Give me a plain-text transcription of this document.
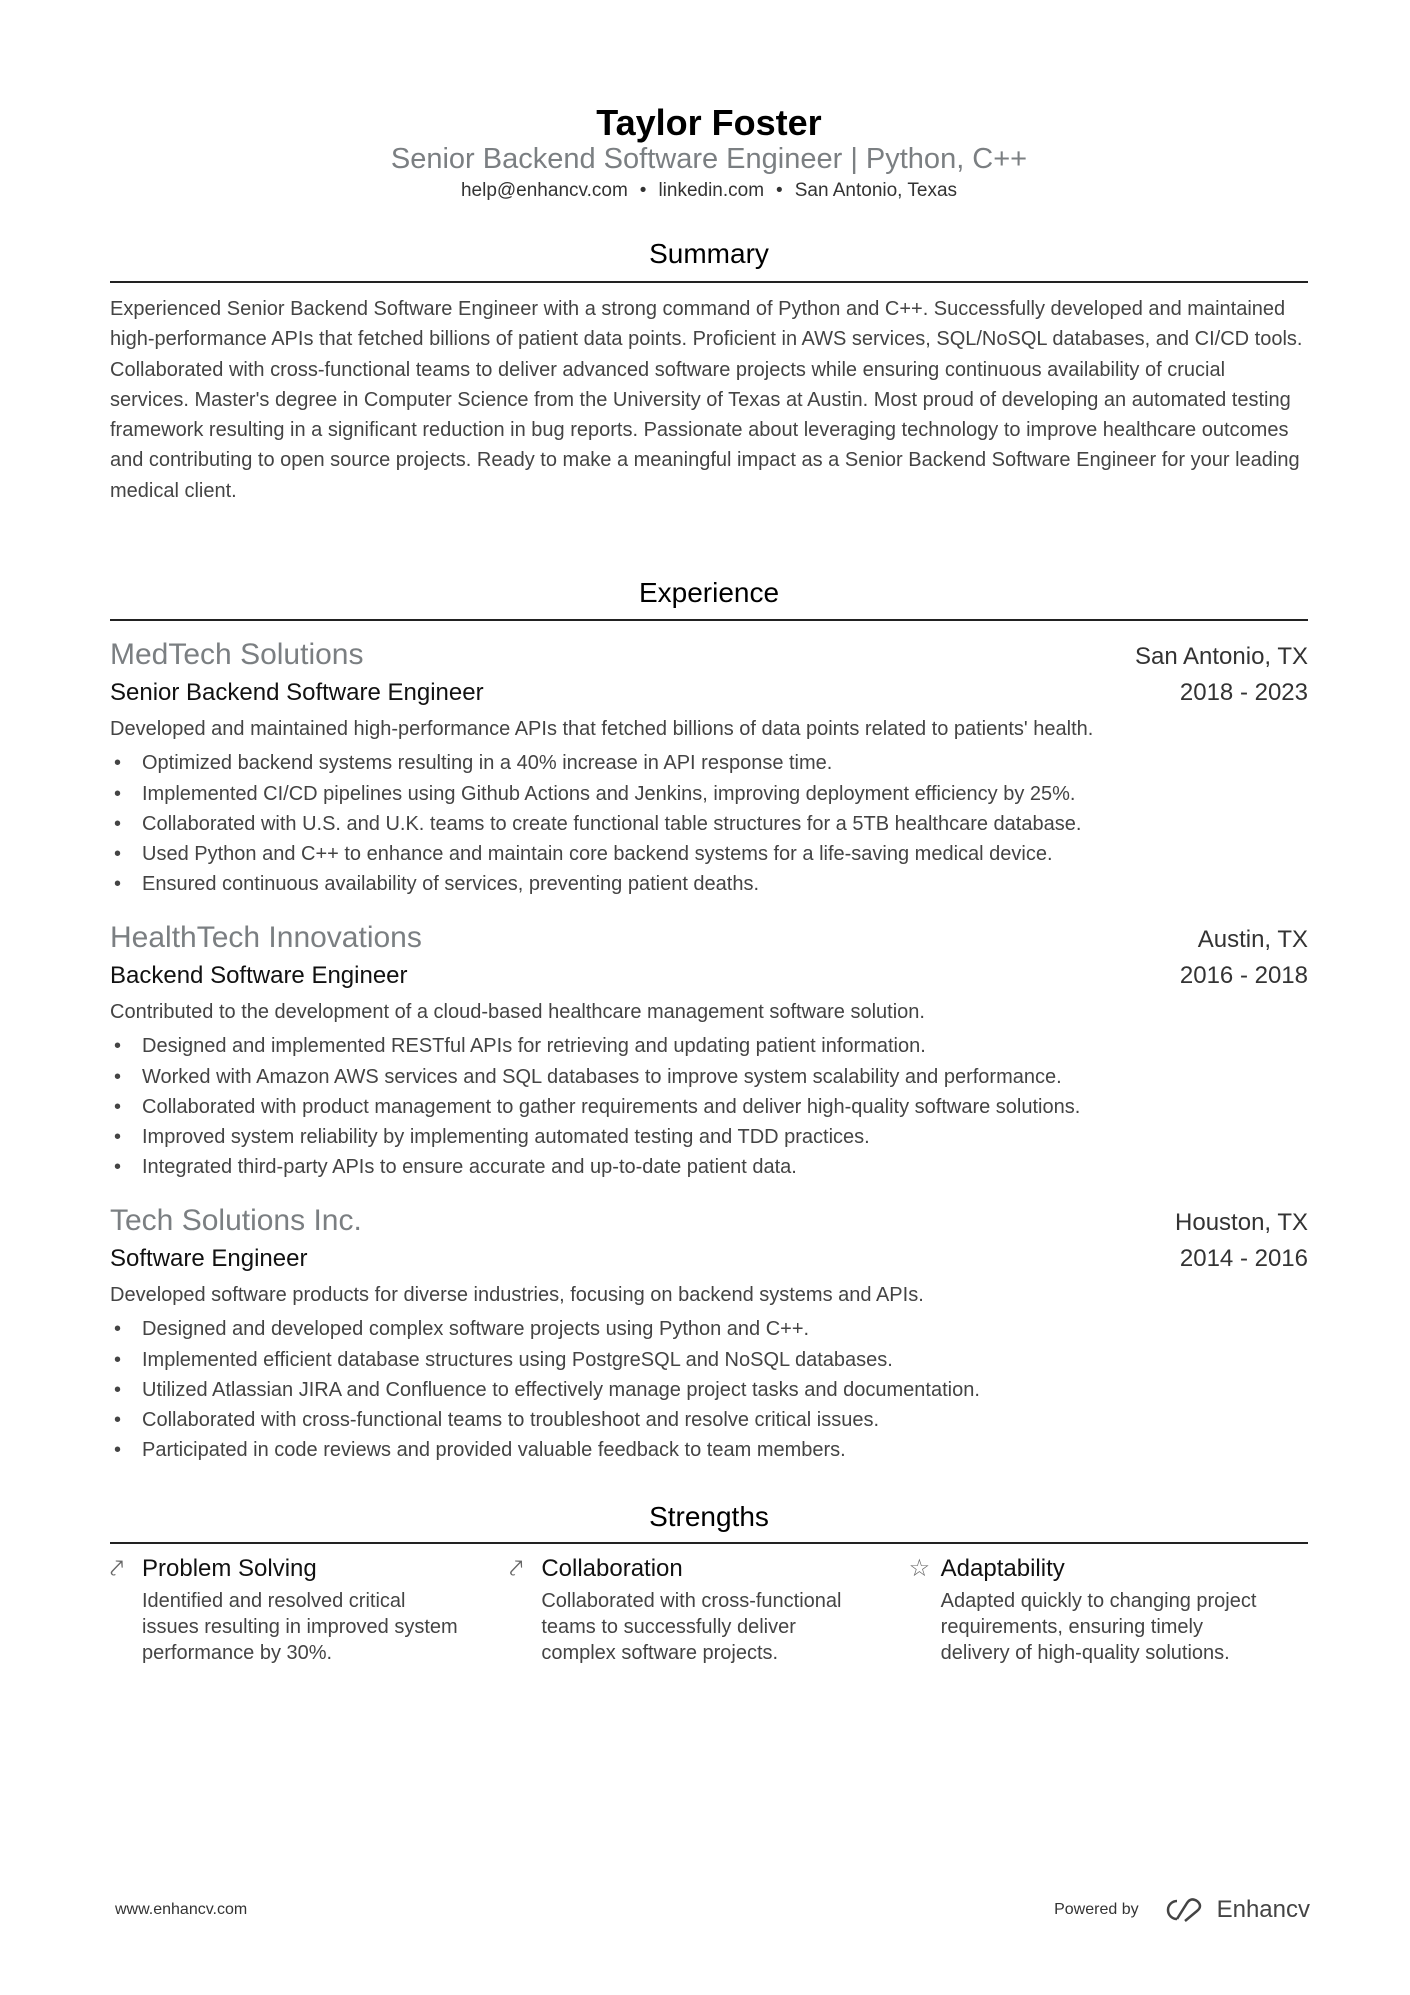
Taylor Foster
Senior Backend Software Engineer | Python, C++
help@enhancv.com • linkedin.com • San Antonio, Texas
Summary
Experienced Senior Backend Software Engineer with a strong command of Python and C++. Successfully developed and maintained high-performance APIs that fetched billions of patient data points. Proficient in AWS services, SQL/NoSQL databases, and CI/CD tools. Collaborated with cross-functional teams to deliver advanced software projects while ensuring continuous availability of crucial services. Master's degree in Computer Science from the University of Texas at Austin. Most proud of developing an automated testing framework resulting in a significant reduction in bug reports. Passionate about leveraging technology to improve healthcare outcomes and contributing to open source projects. Ready to make a meaningful impact as a Senior Backend Software Engineer for your leading medical client.
Experience
MedTech Solutions	San Antonio, TX
Senior Backend Software Engineer	2018 - 2023
Developed and maintained high-performance APIs that fetched billions of data points related to patients' health.
• Optimized backend systems resulting in a 40% increase in API response time.
• Implemented CI/CD pipelines using Github Actions and Jenkins, improving deployment efficiency by 25%.
• Collaborated with U.S. and U.K. teams to create functional table structures for a 5TB healthcare database.
• Used Python and C++ to enhance and maintain core backend systems for a life-saving medical device.
• Ensured continuous availability of services, preventing patient deaths.
HealthTech Innovations	Austin, TX
Backend Software Engineer	2016 - 2018
Contributed to the development of a cloud-based healthcare management software solution.
• Designed and implemented RESTful APIs for retrieving and updating patient information.
• Worked with Amazon AWS services and SQL databases to improve system scalability and performance.
• Collaborated with product management to gather requirements and deliver high-quality software solutions.
• Improved system reliability by implementing automated testing and TDD practices.
• Integrated third-party APIs to ensure accurate and up-to-date patient data.
Tech Solutions Inc.	Houston, TX
Software Engineer	2014 - 2016
Developed software products for diverse industries, focusing on backend systems and APIs.
• Designed and developed complex software projects using Python and C++.
• Implemented efficient database structures using PostgreSQL and NoSQL databases.
• Utilized Atlassian JIRA and Confluence to effectively manage project tasks and documentation.
• Collaborated with cross-functional teams to troubleshoot and resolve critical issues.
• Participated in code reviews and provided valuable feedback to team members.
Strengths
⤤ Problem Solving
Identified and resolved critical issues resulting in improved system performance by 30%.
⤤ Collaboration
Collaborated with cross-functional teams to successfully deliver complex software projects.
☆ Adaptability
Adapted quickly to changing project requirements, ensuring timely delivery of high-quality solutions.
www.enhancv.com	Powered by	Enhancv
